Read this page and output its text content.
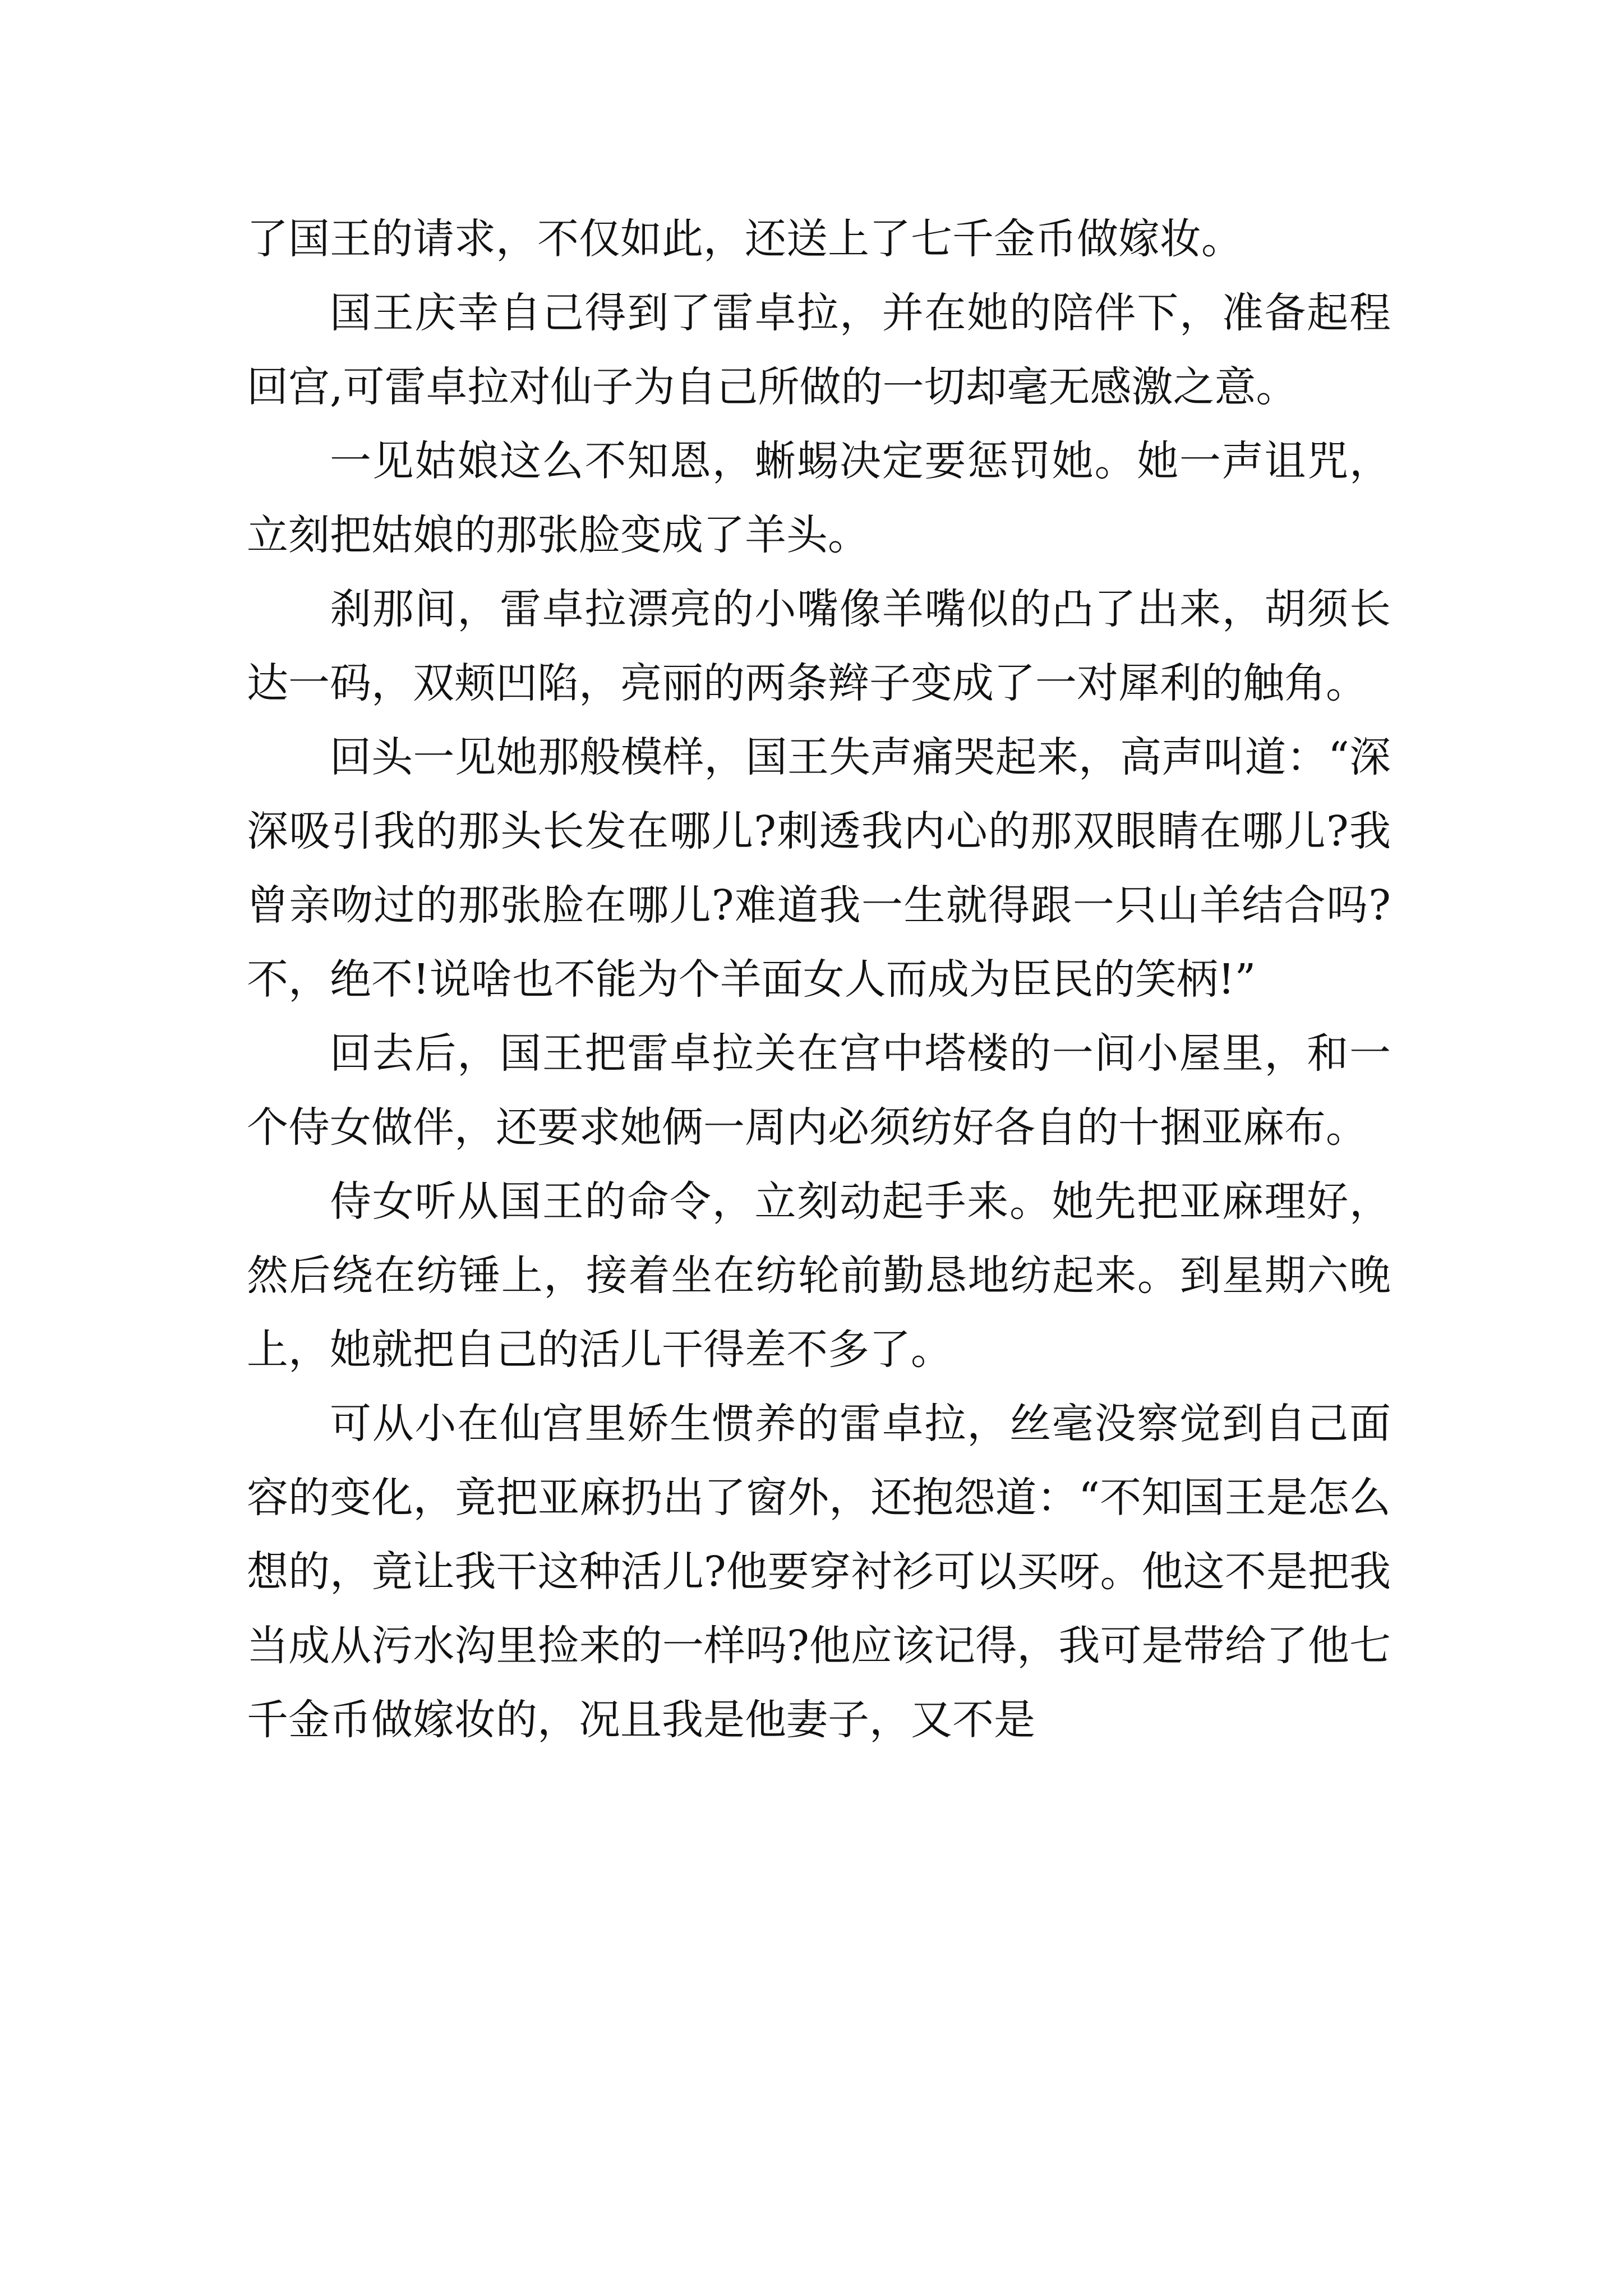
了国王的请求，不仅如此，还送上了七千金币做嫁妆。

国王庆幸自己得到了雷卓拉，并在她的陪伴下，准备起程回宫,可雷卓拉对仙子为自己所做的一切却毫无感激之意。

一见姑娘这么不知恩，蜥蜴决定要惩罚她。她一声诅咒，立刻把姑娘的那张脸变成了羊头。

刹那间，雷卓拉漂亮的小嘴像羊嘴似的凸了出来，胡须长达一码，双颊凹陷，亮丽的两条辫子变成了一对犀利的触角。

回头一见她那般模样，国王失声痛哭起来，高声叫道：“深深吸引我的那头长发在哪儿?刺透我内心的那双眼睛在哪儿?我曾亲吻过的那张脸在哪儿?难道我一生就得跟一只山羊结合吗?不，绝不!说啥也不能为个羊面女人而成为臣民的笑柄!”

回去后，国王把雷卓拉关在宫中塔楼的一间小屋里，和一个侍女做伴，还要求她俩一周内必须纺好各自的十捆亚麻布。

侍女听从国王的命令，立刻动起手来。她先把亚麻理好，然后绕在纺锤上，接着坐在纺轮前勤恳地纺起来。到星期六晚上，她就把自己的活儿干得差不多了。

可从小在仙宫里娇生惯养的雷卓拉，丝毫没察觉到自己面容的变化，竟把亚麻扔出了窗外，还抱怨道：“不知国王是怎么想的，竟让我干这种活儿?他要穿衬衫可以买呀。他这不是把我当成从污水沟里捡来的一样吗?他应该记得，我可是带给了他七千金币做嫁妆的，况且我是他妻子，又不是
